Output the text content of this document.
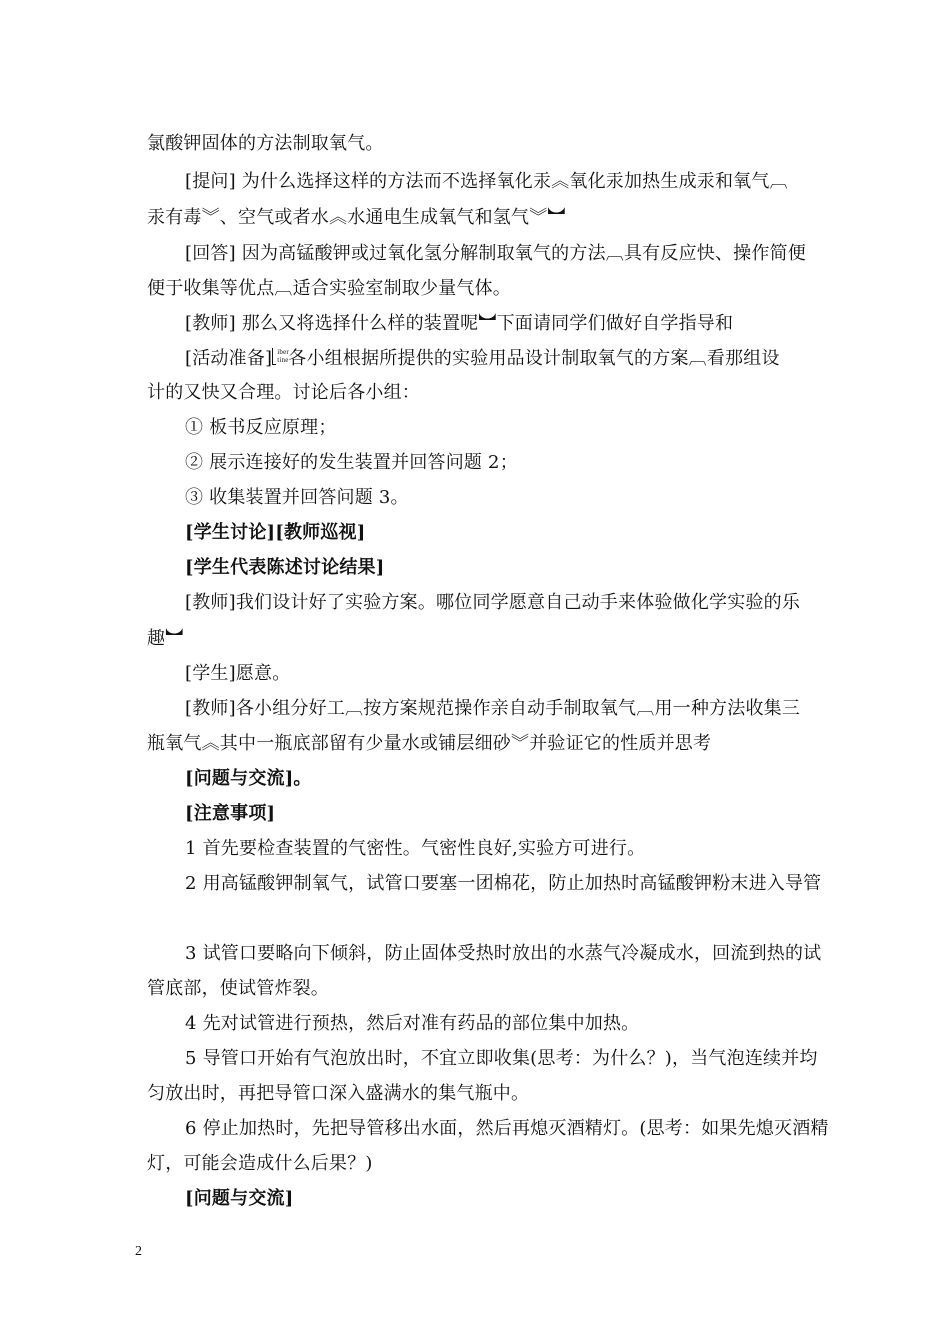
氯酸钾固体的方法制取氧气。
[提问] 为什么选择这样的方法而不选择氧化汞︽氧化汞加热生成汞和氧气︹
汞有毒︾、空气或者水︽水通电生成氧气和氢气︾︼
[回答] 因为高锰酸钾或过氧化氢分解制取氧气的方法︹具有反应快、操作简便
便于收集等优点︹适合实验室制取少量气体。
[教师] 那么又将选择什么样的装置呢︼下面请同学们做好自学指导和
[活动准备] iber
tine 各小组根据所提供的实验用品设计制取氧气的方案︹看那组设
计的又快又合理。讨论后各小组：
① 板书反应原理；
② 展示连接好的发生装置并回答问题 2；
③ 收集装置并回答问题 3。
[学生讨论][教师巡视]
[学生代表陈述讨论结果]
[教师]我们设计好了实验方案。哪位同学愿意自己动手来体验做化学实验的乐
趣︼
[学生]愿意。
[教师]各小组分好工︹按方案规范操作亲自动手制取氧气︹用一种方法收集三
瓶氧气︽其中一瓶底部留有少量水或铺层细砂︾并验证它的性质并思考
[问题与交流]。
[注意事项]
1 首先要检查装置的气密性。气密性良好,实验方可进行。
2 用高锰酸钾制氧气，试管口要塞一团棉花，防止加热时高锰酸钾粉末进入导管
3 试管口要略向下倾斜，防止固体受热时放出的水蒸气冷凝成水，回流到热的试
管底部，使试管炸裂。
4 先对试管进行预热，然后对准有药品的部位集中加热。
5 导管口开始有气泡放出时，不宜立即收集(思考：为什么？)，当气泡连续并均
匀放出时，再把导管口深入盛满水的集气瓶中。
6 停止加热时，先把导管移出水面，然后再熄灭酒精灯。(思考：如果先熄灭酒精
灯，可能会造成什么后果？)
[问题与交流]
2
